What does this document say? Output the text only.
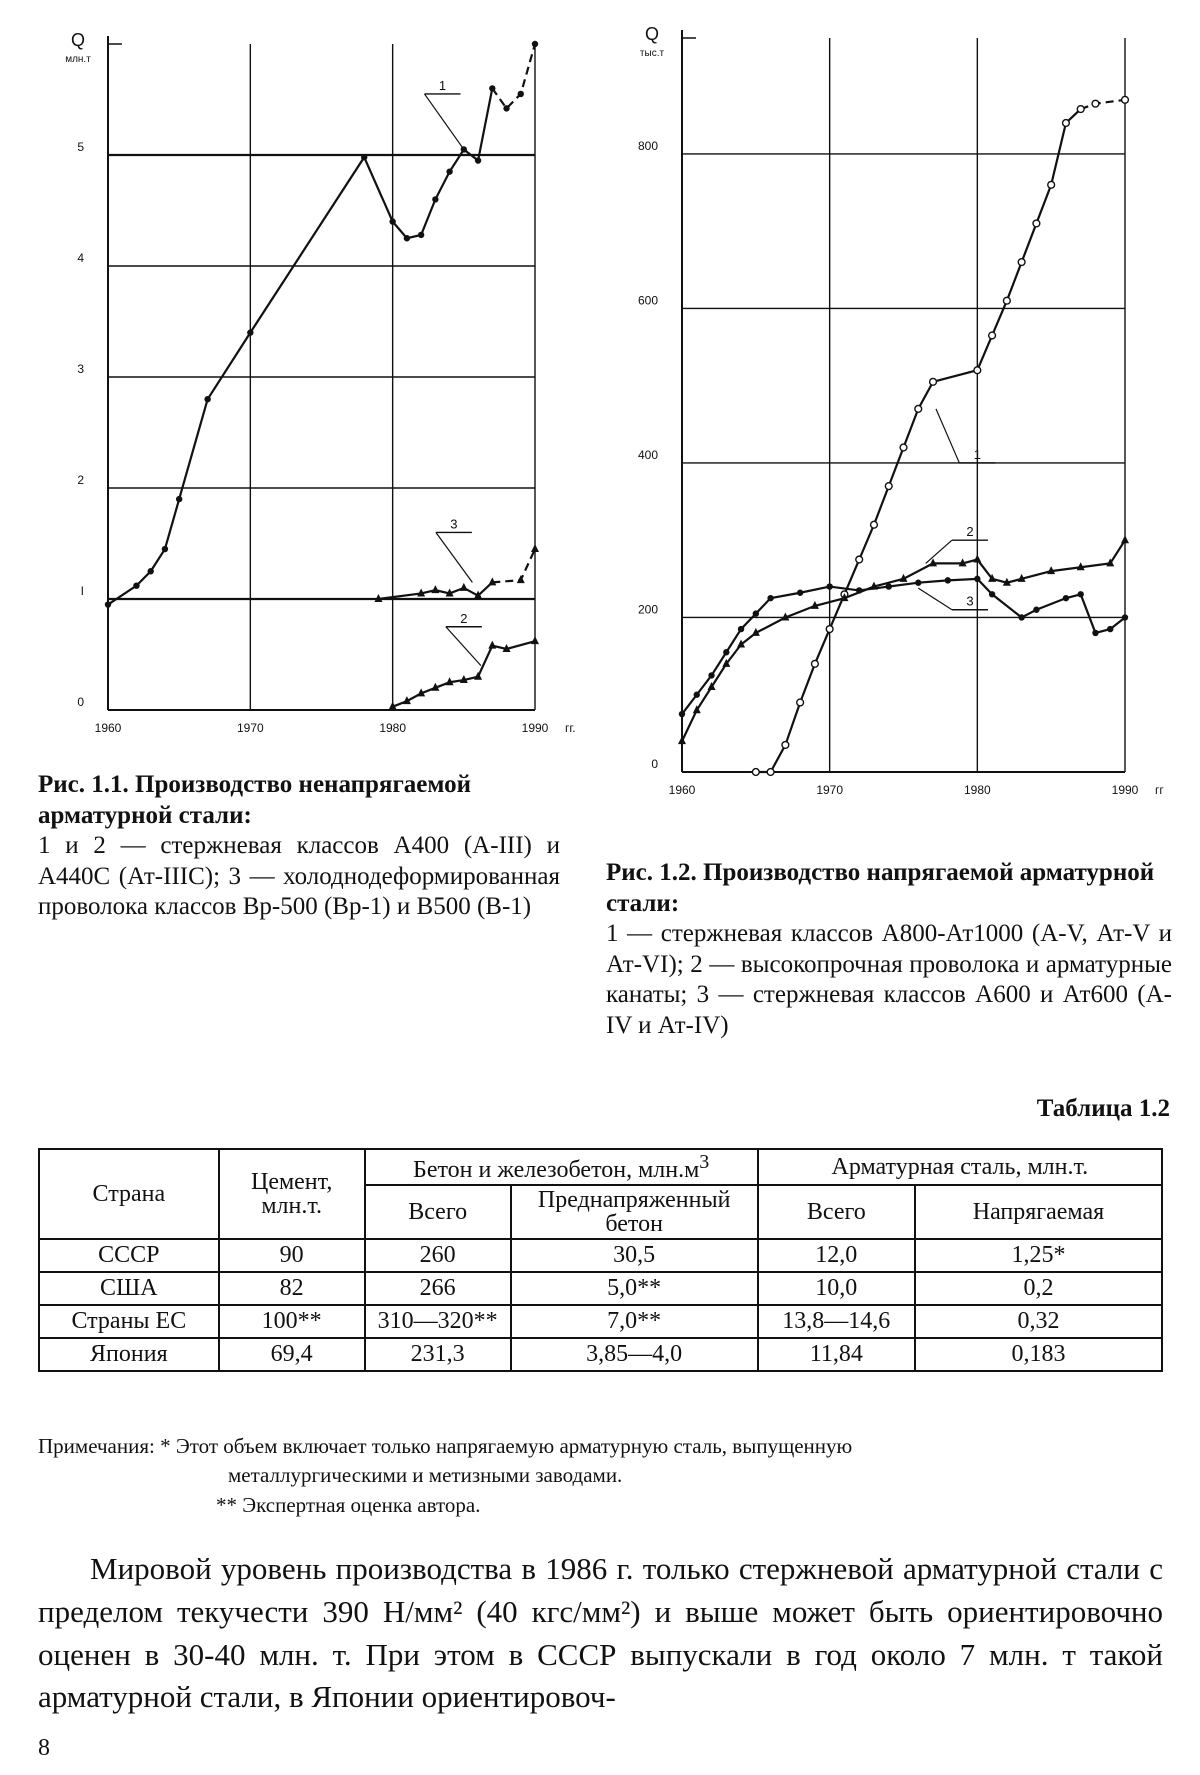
0
I
2
3
4
5
1960	1970	1980	1990 гг.
Q
млн.т
1
2
3
0
200
400
600
800
1960	1970	1980	1990 гг
Q
тыс.т
1
2
3
Рис. 1.1. Производство ненапрягаемой арматурной стали:
1 и 2 — стержневая классов А400 (А-III) и А440С (Ат-IIIС); 3 — холоднодеформированная проволока классов Вр-500 (Вр-1) и В500 (В-1)
Рис. 1.2. Производство напрягаемой арматурной стали:
1 — стержневая классов А800-Ат1000 (А-V, Ат-V и Ат-VI); 2 — высокопрочная проволока и арматурные канаты; 3 — стержневая классов А600 и Ат600 (А-IV и Ат-IV)
Таблица 1.2
Страна	Цемент, млн.т.	Бетон и железобетон, $млн.м^3$		Арматурная сталь, млн.т.	
		Всего	Преднапряженный бетон	Всего	Напрягаемая
СССР	90	260	30,5	12,0	1,25*
США	82	266	5,0**	10,0	0,2
Страны ЕС	100**	310—320**	7,0**	13,8—14,6	0,32
Япония	69,4	231,3	3,85—4,0	11,84	0,183
Примечания: * Этот объем включает только напрягаемую арматурную сталь, выпущенную
металлургическими и метизными заводами.
** Экспертная оценка автора.
Мировой уровень производства в 1986 г. только стержневой арматурной стали с пределом текучести 390 Н/мм² (40 кгс/мм²) и выше может быть ориентировочно оценен в 30-40 млн. т. При этом в СССР выпускали в год около 7 млн. т такой арматурной стали, в Японии ориентировоч-
8
